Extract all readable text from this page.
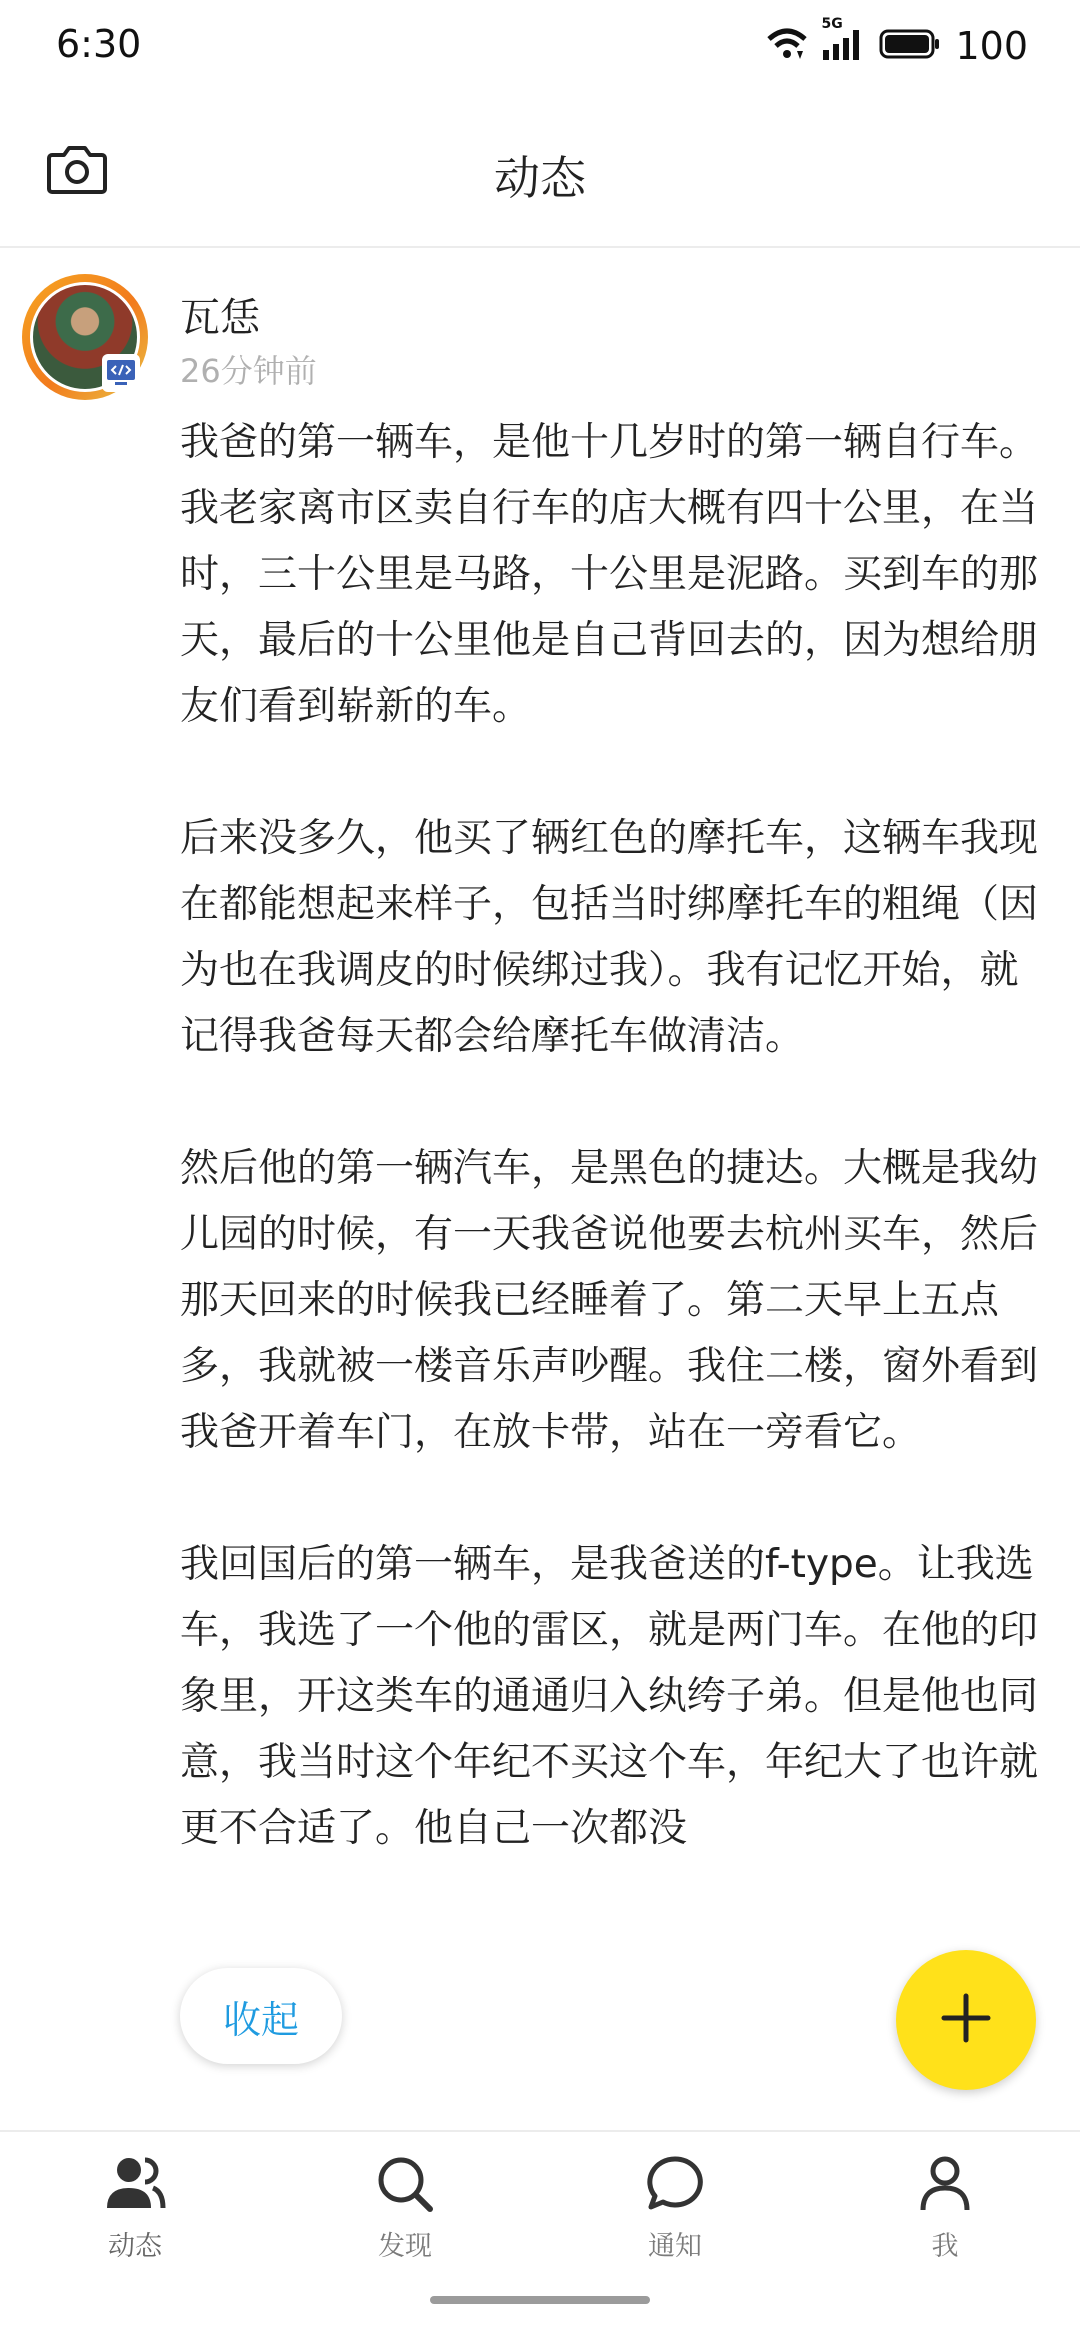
6:30	5G	100
动态
瓦恁
26分钟前

我爸的第一辆车，是他十几岁时的第一辆自行车。我老家离市区卖自行车的店大概有四十公里，在当时，三十公里是马路，十公里是泥路。买到车的那天，最后的十公里他是自己背回去的，因为想给朋友们看到崭新的车。

后来没多久，他买了辆红色的摩托车，这辆车我现在都能想起来样子，包括当时绑摩托车的粗绳（因为也在我调皮的时候绑过我）。我有记忆开始，就记得我爸每天都会给摩托车做清洁。

然后他的第一辆汽车，是黑色的捷达。大概是我幼儿园的时候，有一天我爸说他要去杭州买车，然后那天回来的时候我已经睡着了。第二天早上五点多，我就被一楼音乐声吵醒。我住二楼，窗外看到我爸开着车门，在放卡带，站在一旁看它。

我回国后的第一辆车，是我爸送的f-type。让我选车，我选了一个他的雷区，就是两门车。在他的印象里，开这类车的通通归入纨绔子弟。但是他也同意，我当时这个年纪不买这个车，年纪大了也许就更不合适了。他自己一次都没

收起
动态	发现	通知	我
